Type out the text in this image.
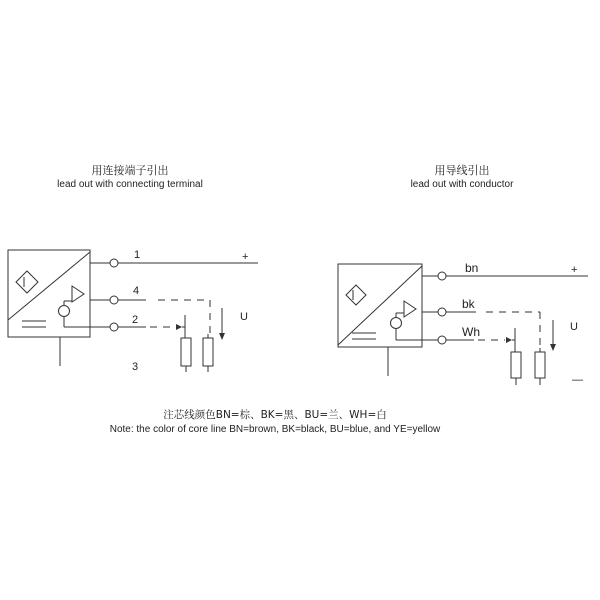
用连接端子引出
lead out with connecting terminal
1	+
4
2
3
U
用导线引出
lead out with conductor
bn	+
bk
Wh	U
—
注芯线颜色BN=棕、BK=黑、BU=兰、WH=白
Note: the color of core line BN=brown, BK=black, BU=blue, and YE=yellow
